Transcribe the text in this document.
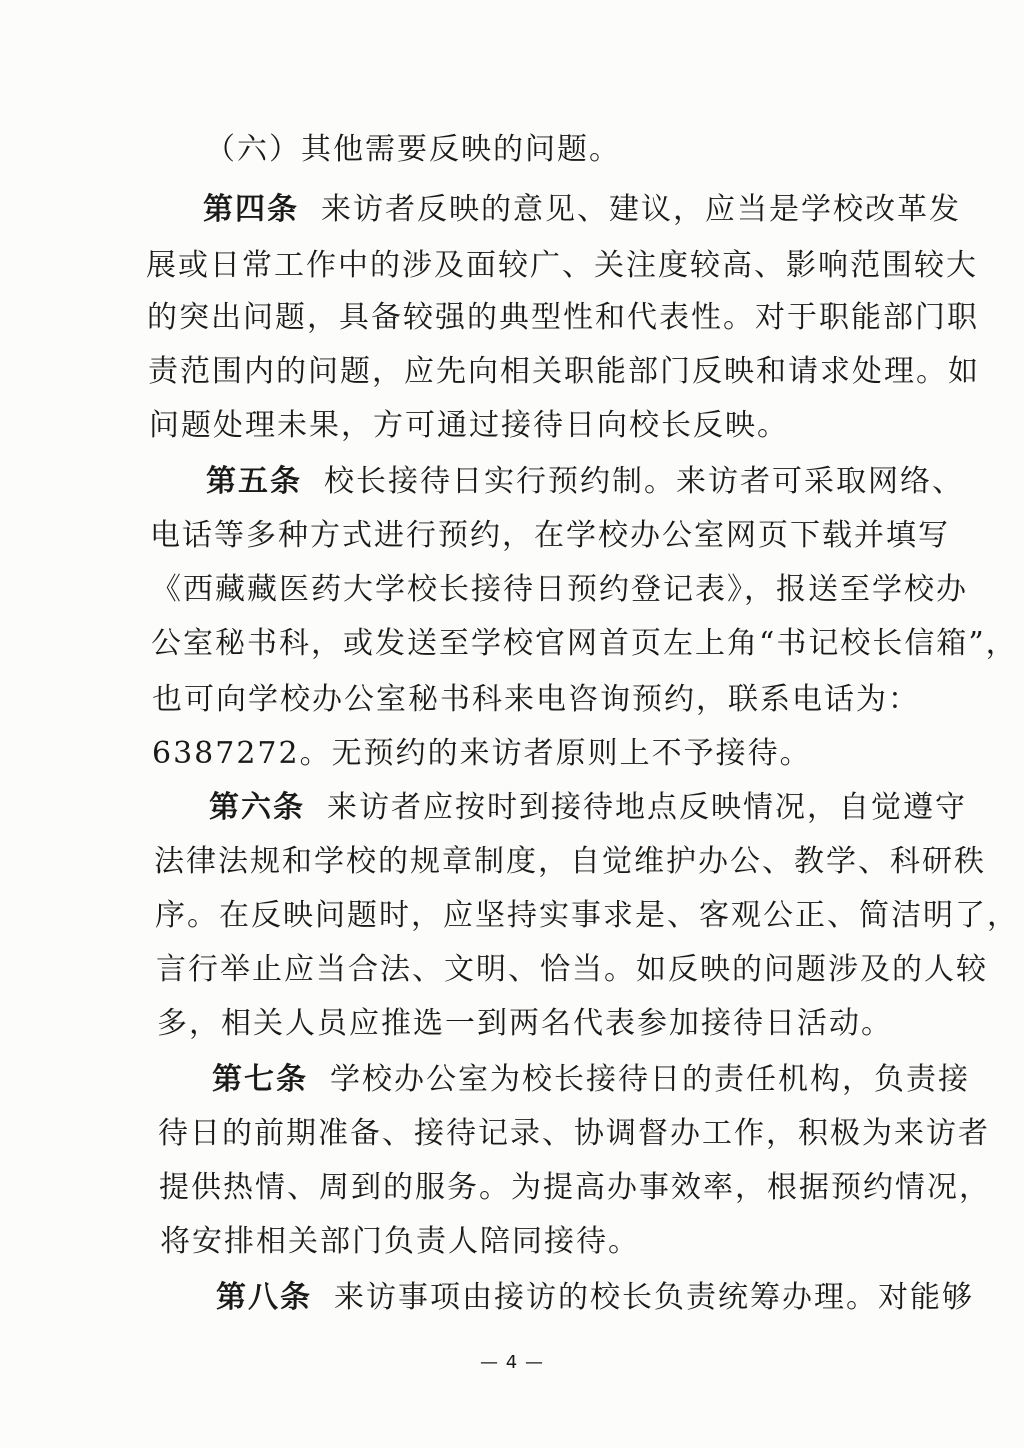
（六）其他需要反映的问题。
第四条 来访者反映的意见、建议，应当是学校改革发
展或日常工作中的涉及面较广、关注度较高、影响范围较大
的突出问题，具备较强的典型性和代表性。对于职能部门职
责范围内的问题，应先向相关职能部门反映和请求处理。如
问题处理未果，方可通过接待日向校长反映。
第五条 校长接待日实行预约制。来访者可采取网络、
电话等多种方式进行预约，在学校办公室网页下载并填写
《西藏藏医药大学校长接待日预约登记表》，报送至学校办
公室秘书科，或发送至学校官网首页左上角“书记校长信箱”，
也可向学校办公室秘书科来电咨询预约，联系电话为：
6387272。无预约的来访者原则上不予接待。
第六条 来访者应按时到接待地点反映情况，自觉遵守
法律法规和学校的规章制度，自觉维护办公、教学、科研秩
序。在反映问题时，应坚持实事求是、客观公正、简洁明了，
言行举止应当合法、文明、恰当。如反映的问题涉及的人较
多，相关人员应推选一到两名代表参加接待日活动。
第七条 学校办公室为校长接待日的责任机构，负责接
待日的前期准备、接待记录、协调督办工作，积极为来访者
提供热情、周到的服务。为提高办事效率，根据预约情况，
将安排相关部门负责人陪同接待。
第八条 来访事项由接访的校长负责统筹办理。对能够
— 4 —
